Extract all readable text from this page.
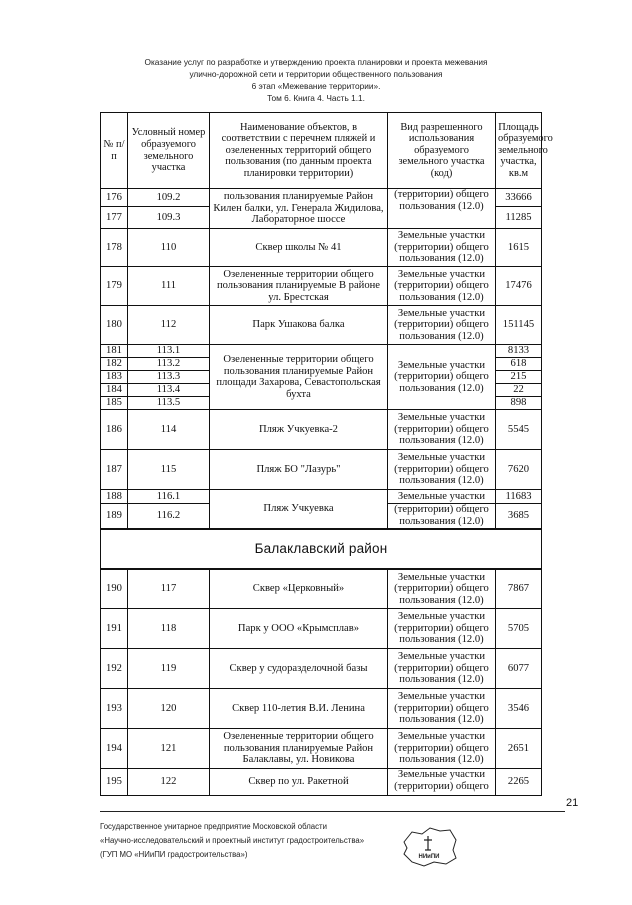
Оказание услуг по разработке и утверждению проекта планировки и проекта межевания
улично-дорожной сети и территории общественного пользования
6 этап «Межевание территории».
Том 6. Книга 4. Часть 1.1.
№ п/п	Условный номер образуемого земельного участка	Наименование объектов, в соответствии с перечнем пляжей и озелененных территорий общего пользования (по данным проекта планировки территории)	Вид разрешенного использования образуемого земельного участка (код)	Площадь образуемого земельного участка, кв.м
176	109.2	пользования планируемые Район Килен балки, ул. Генерала Жидилова, Лабораторное шоссе	(территории) общего пользования (12.0)	33666
177	109.3			11285
178	110	Сквер школы № 41	Земельные участки (территории) общего пользования (12.0)	1615
179	111	Озелененные территории общего пользования планируемые В районе ул. Брестская	Земельные участки (территории) общего пользования (12.0)	17476
180	112	Парк Ушакова балка	Земельные участки (территории) общего пользования (12.0)	151145
181	113.1	Озелененные территории общего пользования планируемые Район площади Захарова, Севастопольская бухта	Земельные участки (территории) общего пользования (12.0)	8133
182	113.2			618
183	113.3			215
184	113.4			22
185	113.5			898
186	114	Пляж Учкуевка-2	Земельные участки (территории) общего пользования (12.0)	5545
187	115	Пляж БО "Лазурь"	Земельные участки (территории) общего пользования (12.0)	7620
188	116.1	Пляж Учкуевка	Земельные участки	11683
189	116.2		(территории) общего пользования (12.0)	3685
Балаклавский район				
190	117	Сквер «Церковный»	Земельные участки (территории) общего пользования (12.0)	7867
191	118	Парк у ООО «Крымсплав»	Земельные участки (территории) общего пользования (12.0)	5705
192	119	Сквер у судоразделочной базы	Земельные участки (территории) общего пользования (12.0)	6077
193	120	Сквер 110-летия В.И. Ленина	Земельные участки (территории) общего пользования (12.0)	3546
194	121	Озелененные территории общего пользования планируемые Район Балаклавы, ул. Новикова	Земельные участки (территории) общего пользования (12.0)	2651
195	122	Сквер по ул. Ракетной	Земельные участки (территории) общего	2265
21
Государственное унитарное предприятие Московской области
«Научно-исследовательский и проектный институт градостроительства»
(ГУП МО «НИиПИ градостроительства»)	НИиПИ
